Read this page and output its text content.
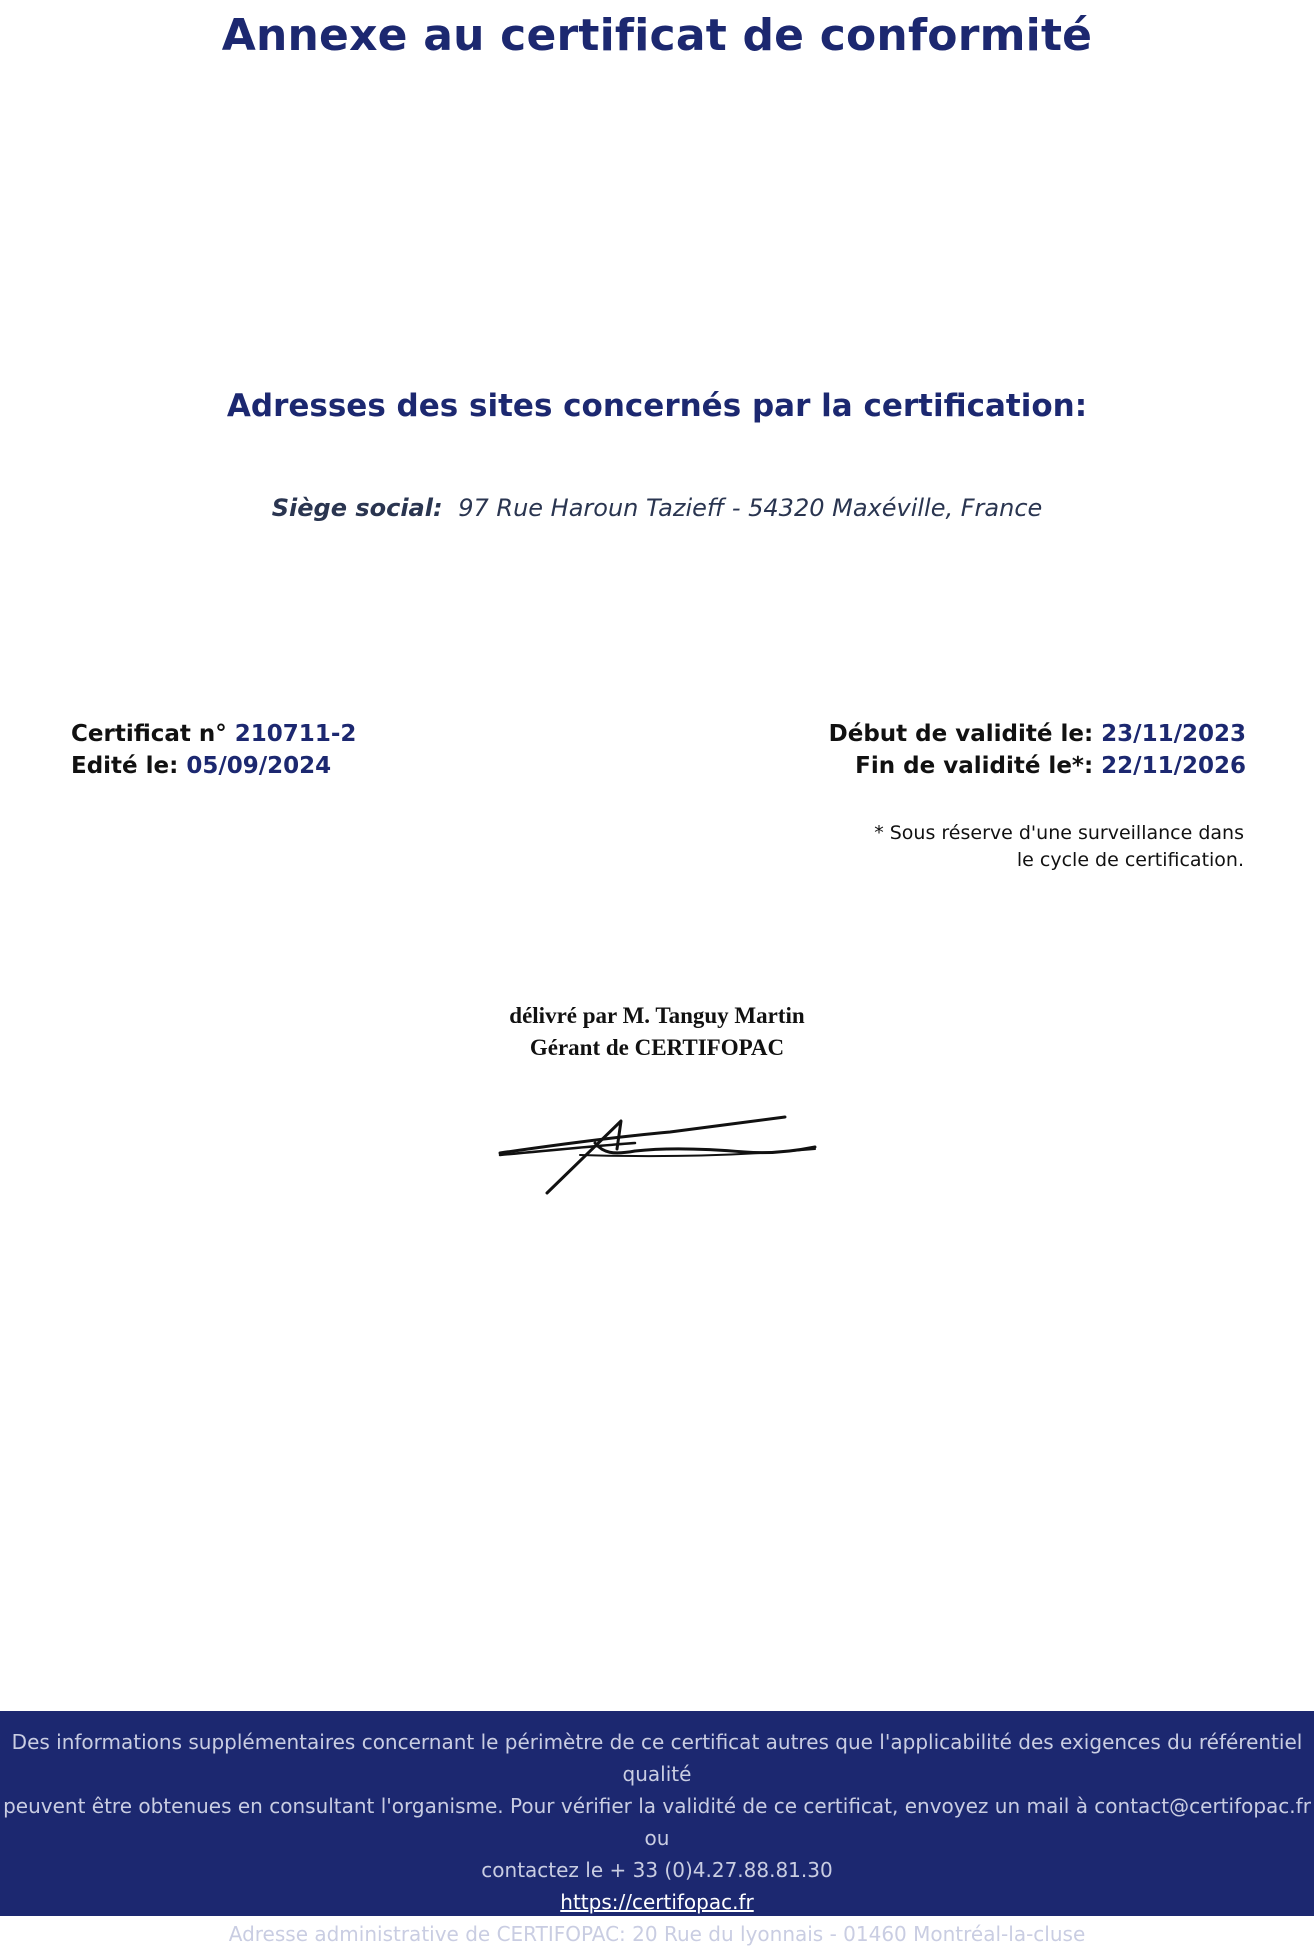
Annexe au certificat de conformité
Adresses des sites concernés par la certification:
Siège social: 97 Rue Haroun Tazieff - 54320 Maxéville, France
Certificat n° 210711-2
Edité le: 05/09/2024
Début de validité le: 23/11/2023
Fin de validité le*: 22/11/2026
* Sous réserve d'une surveillance dans
le cycle de certification.
délivré par M. Tanguy Martin
Gérant de CERTIFOPAC
Des informations supplémentaires concernant le périmètre de ce certificat autres que l'applicabilité des exigences du référentiel qualité
peuvent être obtenues en consultant l'organisme. Pour vérifier la validité de ce certificat, envoyez un mail à contact@certifopac.fr ou
contactez le + 33 (0)4.27.88.81.30
https://certifopac.fr
Adresse administrative de CERTIFOPAC: 20 Rue du lyonnais - 01460 Montréal-la-cluse
